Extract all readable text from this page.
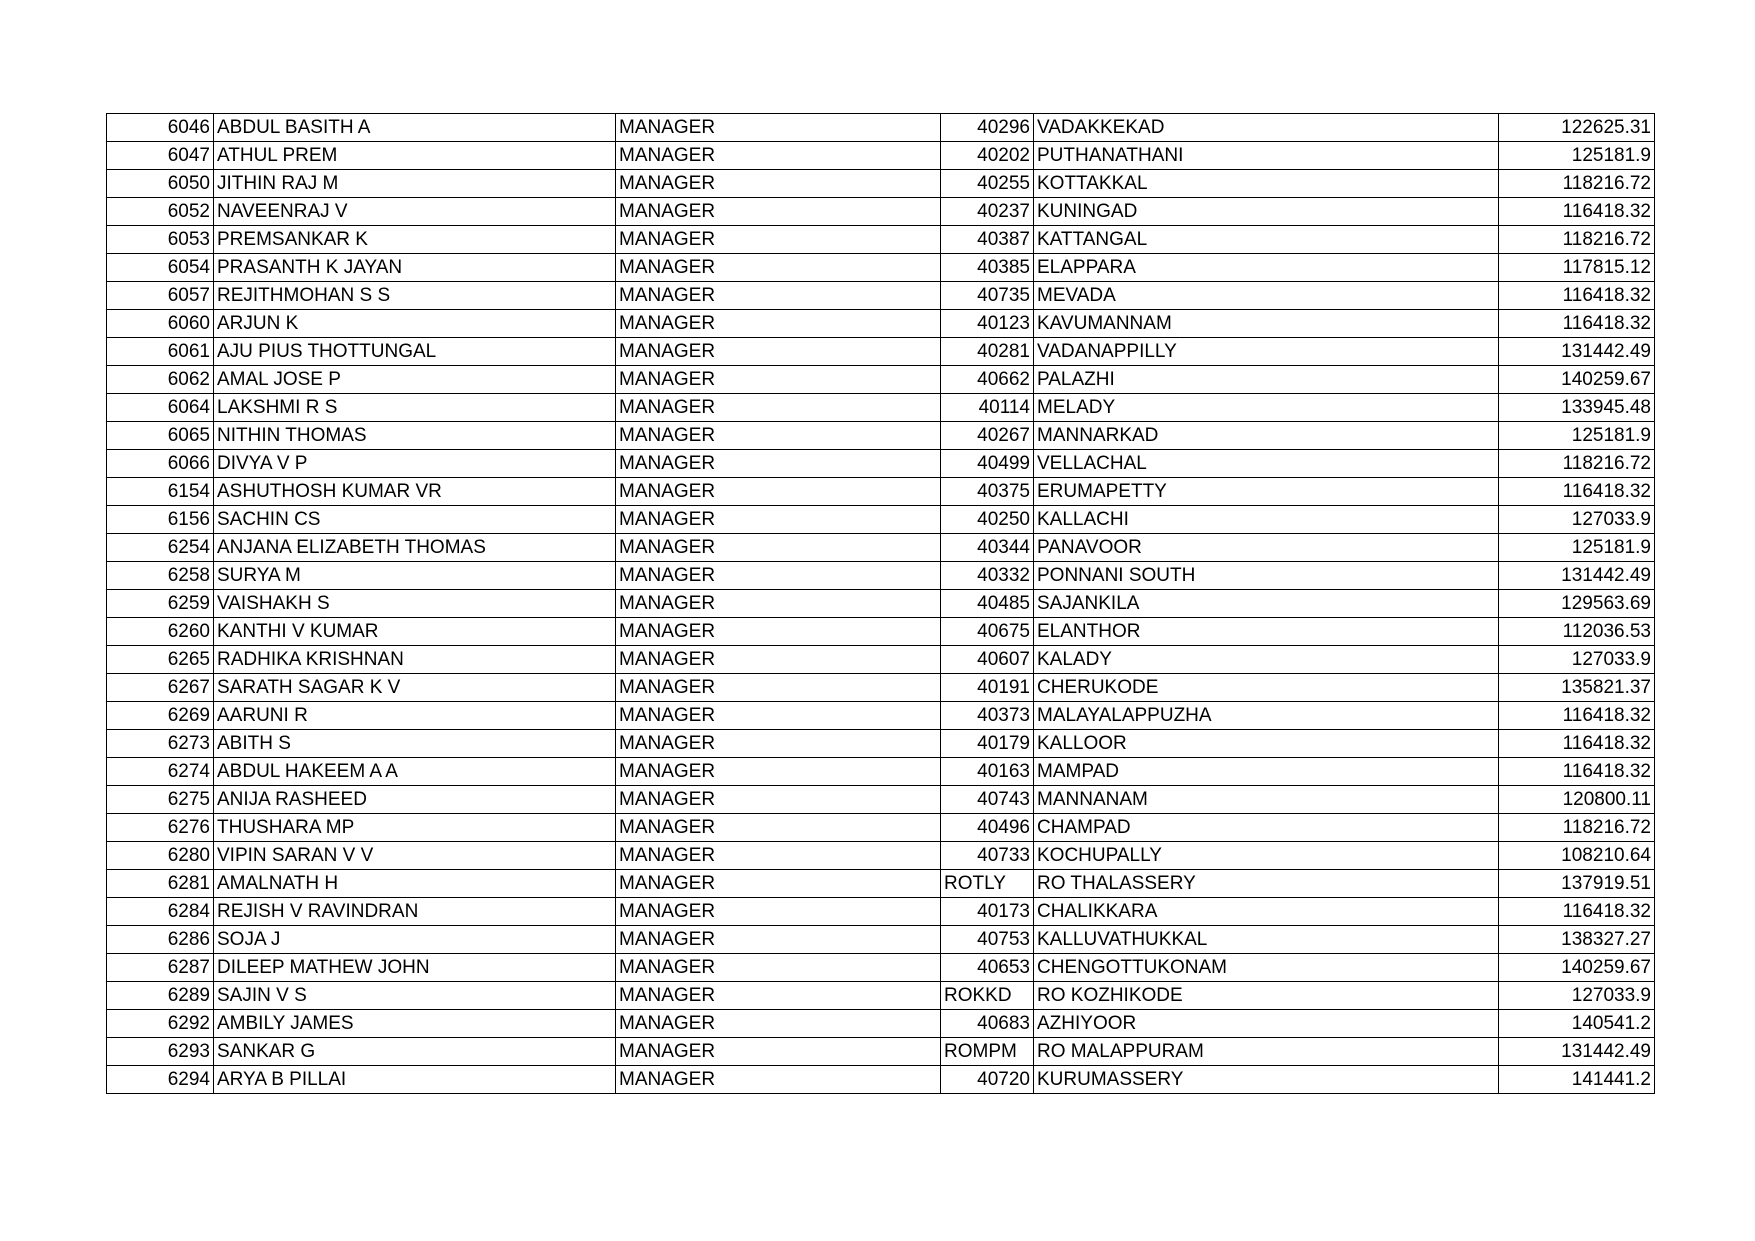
6046	ABDUL BASITH A	MANAGER	40296	VADAKKEKAD	122625.31
6047	ATHUL PREM	MANAGER	40202	PUTHANATHANI	125181.9
6050	JITHIN RAJ M	MANAGER	40255	KOTTAKKAL	118216.72
6052	NAVEENRAJ V	MANAGER	40237	KUNINGAD	116418.32
6053	PREMSANKAR K	MANAGER	40387	KATTANGAL	118216.72
6054	PRASANTH K JAYAN	MANAGER	40385	ELAPPARA	117815.12
6057	REJITHMOHAN S S	MANAGER	40735	MEVADA	116418.32
6060	ARJUN K	MANAGER	40123	KAVUMANNAM	116418.32
6061	AJU PIUS THOTTUNGAL	MANAGER	40281	VADANAPPILLY	131442.49
6062	AMAL JOSE P	MANAGER	40662	PALAZHI	140259.67
6064	LAKSHMI R S	MANAGER	40114	MELADY	133945.48
6065	NITHIN THOMAS	MANAGER	40267	MANNARKAD	125181.9
6066	DIVYA V P	MANAGER	40499	VELLACHAL	118216.72
6154	ASHUTHOSH KUMAR VR	MANAGER	40375	ERUMAPETTY	116418.32
6156	SACHIN CS	MANAGER	40250	KALLACHI	127033.9
6254	ANJANA ELIZABETH THOMAS	MANAGER	40344	PANAVOOR	125181.9
6258	SURYA M	MANAGER	40332	PONNANI SOUTH	131442.49
6259	VAISHAKH S	MANAGER	40485	SAJANKILA	129563.69
6260	KANTHI V KUMAR	MANAGER	40675	ELANTHOR	112036.53
6265	RADHIKA KRISHNAN	MANAGER	40607	KALADY	127033.9
6267	SARATH SAGAR K V	MANAGER	40191	CHERUKODE	135821.37
6269	AARUNI R	MANAGER	40373	MALAYALAPPUZHA	116418.32
6273	ABITH S	MANAGER	40179	KALLOOR	116418.32
6274	ABDUL HAKEEM A A	MANAGER	40163	MAMPAD	116418.32
6275	ANIJA RASHEED	MANAGER	40743	MANNANAM	120800.11
6276	THUSHARA MP	MANAGER	40496	CHAMPAD	118216.72
6280	VIPIN SARAN V V	MANAGER	40733	KOCHUPALLY	108210.64
6281	AMALNATH H	MANAGER	ROTLY	RO THALASSERY	137919.51
6284	REJISH V RAVINDRAN	MANAGER	40173	CHALIKKARA	116418.32
6286	SOJA J	MANAGER	40753	KALLUVATHUKKAL	138327.27
6287	DILEEP MATHEW JOHN	MANAGER	40653	CHENGOTTUKONAM	140259.67
6289	SAJIN V S	MANAGER	ROKKD	RO KOZHIKODE	127033.9
6292	AMBILY JAMES	MANAGER	40683	AZHIYOOR	140541.2
6293	SANKAR G	MANAGER	ROMPM	RO MALAPPURAM	131442.49
6294	ARYA B PILLAI	MANAGER	40720	KURUMASSERY	141441.2
